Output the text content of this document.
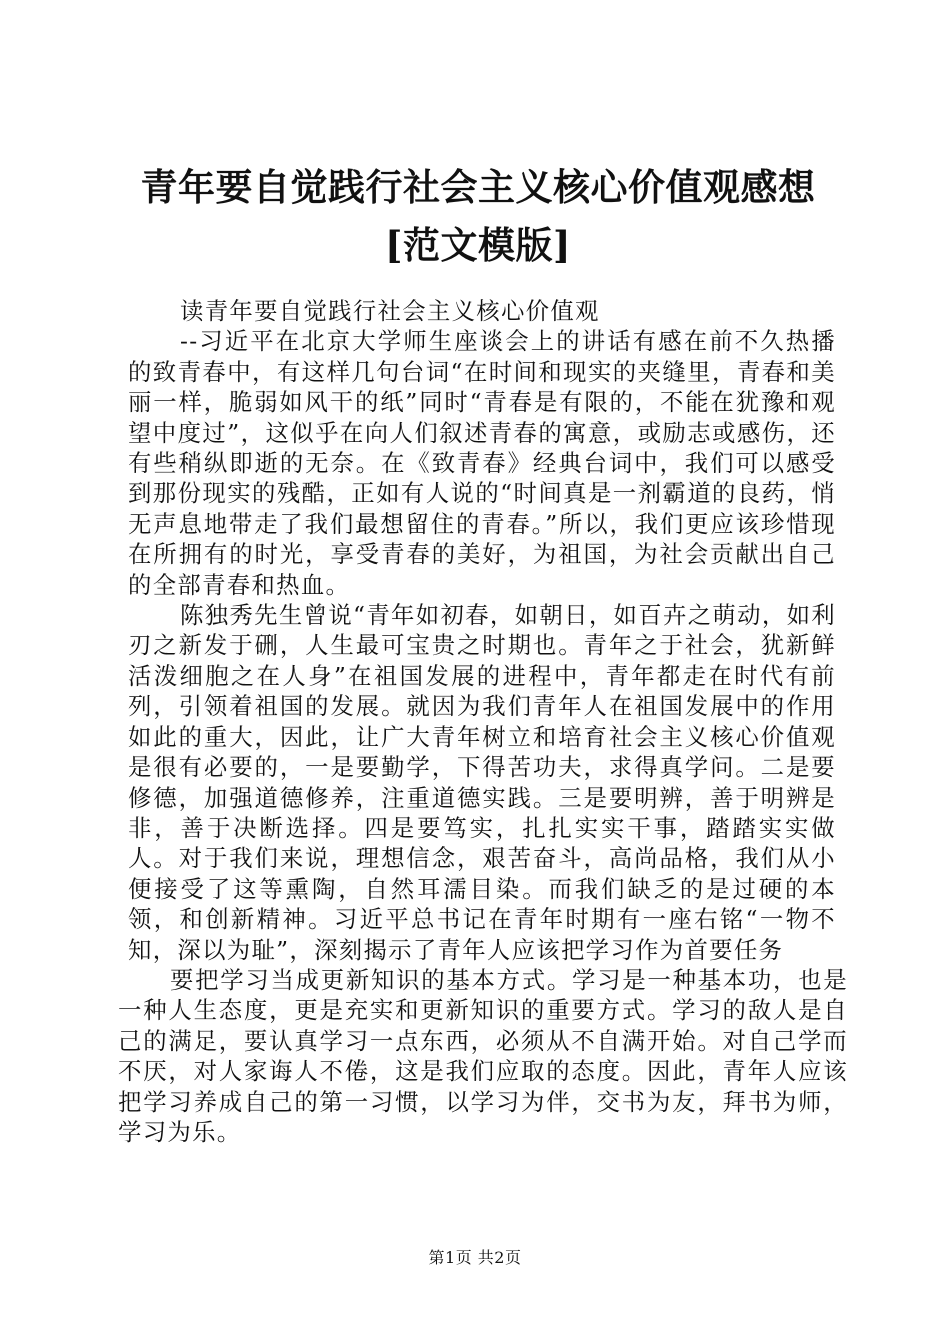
青年要自觉践行社会主义核心价值观感想[范文模版]

读青年要自觉践行社会主义核心价值观

--习近平在北京大学师生座谈会上的讲话有感在前不久热播的致青春中，有这样几句台词“在时间和现实的夹缝里，青春和美丽一样，脆弱如风干的纸”同时“青春是有限的，不能在犹豫和观望中度过”，这似乎在向人们叙述青春的寓意，或励志或感伤，还有些稍纵即逝的无奈。在《致青春》经典台词中，我们可以感受到那份现实的残酷，正如有人说的“时间真是一剂霸道的良药，悄无声息地带走了我们最想留住的青春。”所以，我们更应该珍惜现在所拥有的时光，享受青春的美好，为祖国，为社会贡献出自己的全部青春和热血。

陈独秀先生曾说“青年如初春，如朝日，如百卉之萌动，如利刃之新发于硎，人生最可宝贵之时期也。青年之于社会，犹新鲜活泼细胞之在人身”在祖国发展的进程中，青年都走在时代有前列，引领着祖国的发展。就因为我们青年人在祖国发展中的作用如此的重大，因此，让广大青年树立和培育社会主义核心价值观是很有必要的，一是要勤学，下得苦功夫，求得真学问。二是要修德，加强道德修养，注重道德实践。三是要明辨，善于明辨是非，善于决断选择。四是要笃实，扎扎实实干事，踏踏实实做人。对于我们来说，理想信念，艰苦奋斗，高尚品格，我们从小便接受了这等熏陶，自然耳濡目染。而我们缺乏的是过硬的本领，和创新精神。习近平总书记在青年时期有一座右铭“一物不知，深以为耻”，深刻揭示了青年人应该把学习作为首要任务

要把学习当成更新知识的基本方式。学习是一种基本功，也是一种人生态度，更是充实和更新知识的重要方式。学习的敌人是自己的满足，要认真学习一点东西，必须从不自满开始。对自己学而不厌，对人家诲人不倦，这是我们应取的态度。因此，青年人应该把学习养成自己的第一习惯，以学习为伴，交书为友，拜书为师，学习为乐。

第1页 共2页
